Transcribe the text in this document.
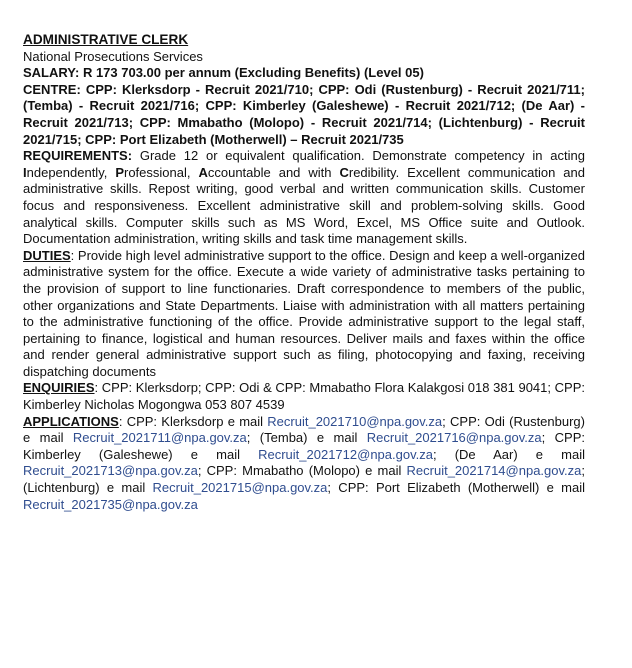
ADMINISTRATIVE CLERK
National Prosecutions Services
SALARY: R 173 703.00 per annum (Excluding Benefits) (Level 05)
CENTRE: CPP: Klerksdorp - Recruit 2021/710; CPP: Odi (Rustenburg) - Recruit 2021/711; (Temba) - Recruit 2021/716; CPP: Kimberley (Galeshewe) - Recruit 2021/712; (De Aar) - Recruit 2021/713; CPP: Mmabatho (Molopo) - Recruit 2021/714; (Lichtenburg) - Recruit 2021/715; CPP: Port Elizabeth (Motherwell) – Recruit 2021/735
REQUIREMENTS: Grade 12 or equivalent qualification. Demonstrate competency in acting Independently, Professional, Accountable and with Credibility. Excellent communication and administrative skills. Repost writing, good verbal and written communication skills. Customer focus and responsiveness. Excellent administrative skill and problem-solving skills. Good analytical skills. Computer skills such as MS Word, Excel, MS Office suite and Outlook. Documentation administration, writing skills and task time management skills.
DUTIES: Provide high level administrative support to the office. Design and keep a well-organized administrative system for the office. Execute a wide variety of administrative tasks pertaining to the provision of support to line functionaries. Draft correspondence to members of the public, other organizations and State Departments. Liaise with administration with all matters pertaining to the administrative functioning of the office. Provide administrative support to the legal staff, pertaining to finance, logistical and human resources. Deliver mails and faxes within the office and render general administrative support such as filing, photocopying and faxing, receiving dispatching documents
ENQUIRIES: CPP: Klerksdorp; CPP: Odi & CPP: Mmabatho Flora Kalakgosi 018 381 9041; CPP: Kimberley Nicholas Mogongwa 053 807 4539
APPLICATIONS: CPP: Klerksdorp e mail Recruit_2021710@npa.gov.za; CPP: Odi (Rustenburg) e mail Recruit_2021711@npa.gov.za; (Temba) e mail Recruit_2021716@npa.gov.za; CPP: Kimberley (Galeshewe) e mail Recruit_2021712@npa.gov.za; (De Aar) e mail Recruit_2021713@npa.gov.za; CPP: Mmabatho (Molopo) e mail Recruit_2021714@npa.gov.za; (Lichtenburg) e mail Recruit_2021715@npa.gov.za; CPP: Port Elizabeth (Motherwell) e mail Recruit_2021735@npa.gov.za
